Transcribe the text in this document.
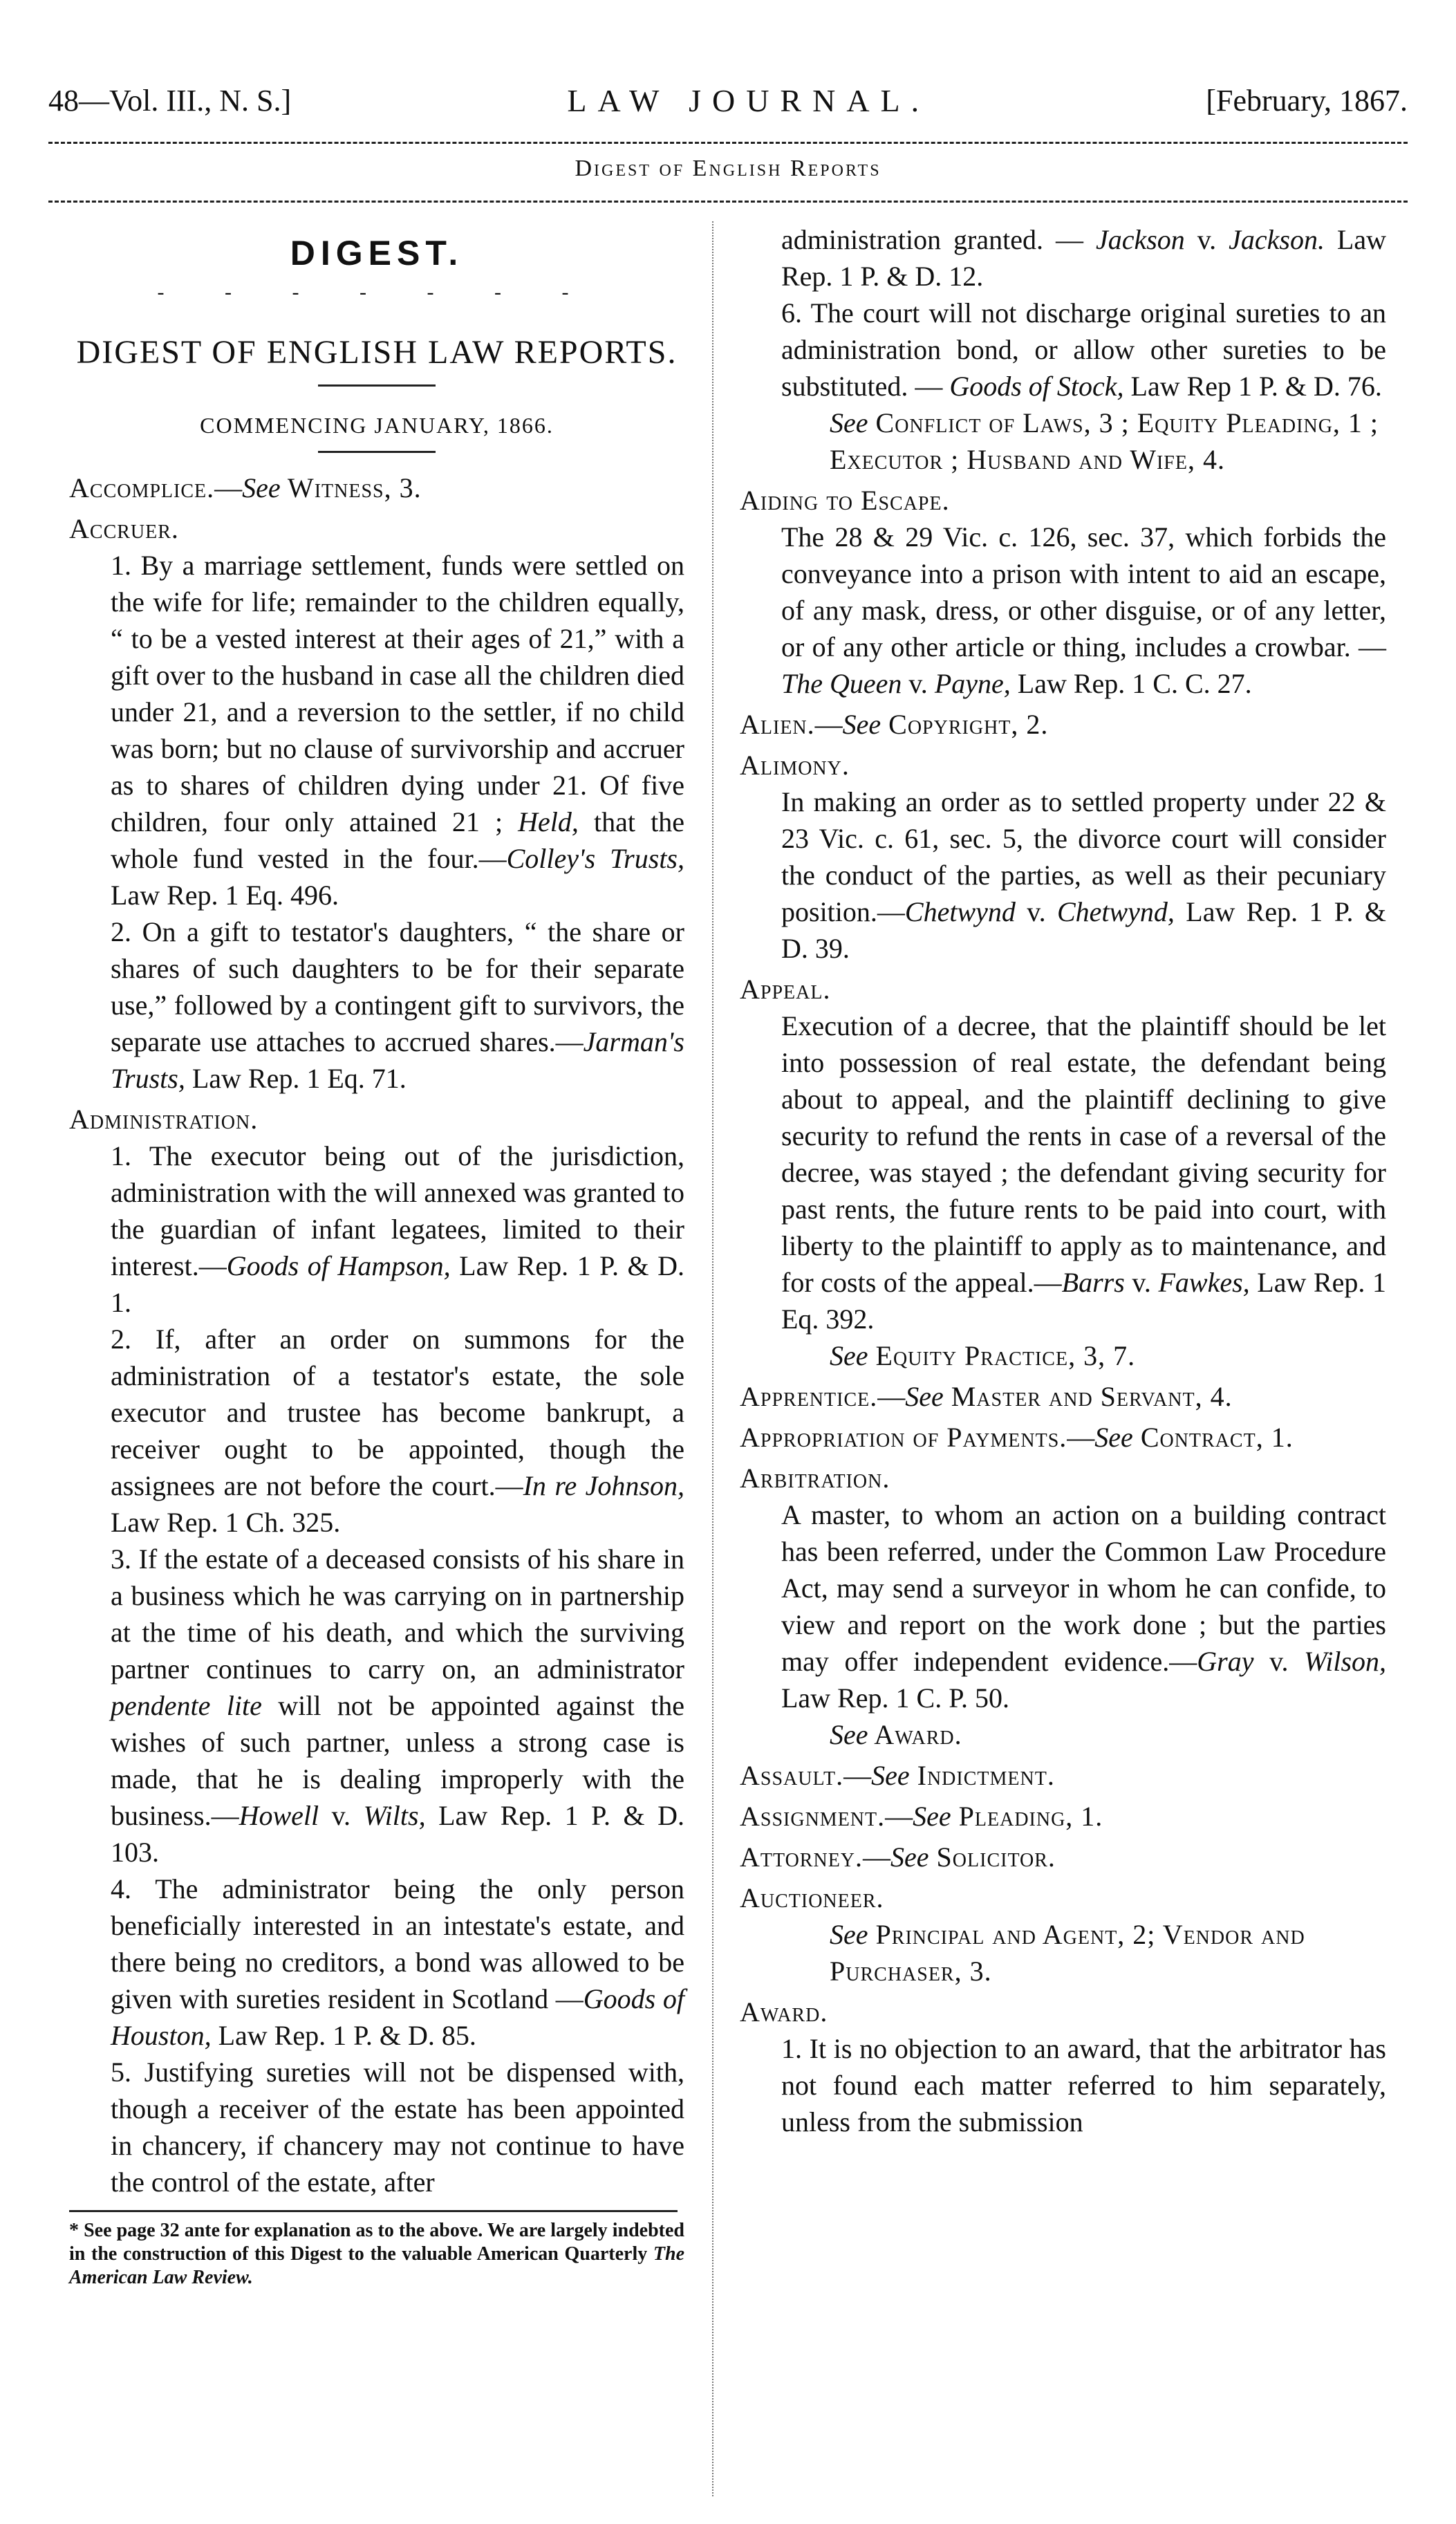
48—Vol. III., N. S.]	LAW JOURNAL.	[February, 1867.
Digest of English Reports
DIGEST.
- - - - - - -
DIGEST OF ENGLISH LAW REPORTS.
COMMENCING JANUARY, 1866.

Accomplice.—See Witness, 3.

Accruer.

1. By a marriage settlement, funds were settled on the wife for life; remainder to the children equally, “ to be a vested interest at their ages of 21,” with a gift over to the husband in case all the children died under 21, and a reversion to the settler, if no child was born; but no clause of survivorship and accruer as to shares of children dying under 21. Of five children, four only attained 21 ; Held, that the whole fund vested in the four.—Colley's Trusts, Law Rep. 1 Eq. 496.

2. On a gift to testator's daughters, “ the share or shares of such daughters to be for their separate use,” followed by a contingent gift to survivors, the separate use attaches to accrued shares.—Jarman's Trusts, Law Rep. 1 Eq. 71.

Administration.

1. The executor being out of the jurisdiction, administration with the will annexed was granted to the guardian of infant legatees, limited to their interest.—Goods of Hampson, Law Rep. 1 P. & D. 1.

2. If, after an order on summons for the administration of a testator's estate, the sole executor and trustee has become bankrupt, a receiver ought to be appointed, though the assignees are not before the court.—In re Johnson, Law Rep. 1 Ch. 325.

3. If the estate of a deceased consists of his share in a business which he was carrying on in partnership at the time of his death, and which the surviving partner continues to carry on, an administrator pendente lite will not be appointed against the wishes of such partner, unless a strong case is made, that he is dealing improperly with the business.—Howell v. Wilts, Law Rep. 1 P. & D. 103.

4. The administrator being the only person beneficially interested in an intestate's estate, and there being no creditors, a bond was allowed to be given with sureties resident in Scotland —Goods of Houston, Law Rep. 1 P. & D. 85.

5. Justifying sureties will not be dispensed with, though a receiver of the estate has been appointed in chancery, if chancery may not continue to have the control of the estate, after

* See page 32 ante for explanation as to the above. We are largely indebted in the construction of this Digest to the valuable American Quarterly The American Law Review.

administration granted. — Jackson v. Jackson. Law Rep. 1 P. & D. 12.

6. The court will not discharge original sureties to an administration bond, or allow other sureties to be substituted. — Goods of Stock, Law Rep 1 P. & D. 76.

See Conflict of Laws, 3 ; Equity Pleading, 1 ; Executor ; Husband and Wife, 4.

Aiding to Escape.

The 28 & 29 Vic. c. 126, sec. 37, which forbids the conveyance into a prison with intent to aid an escape, of any mask, dress, or other disguise, or of any letter, or of any other article or thing, includes a crowbar. — The Queen v. Payne, Law Rep. 1 C. C. 27.

Alien.—See Copyright, 2.

Alimony.

In making an order as to settled property under 22 & 23 Vic. c. 61, sec. 5, the divorce court will consider the conduct of the parties, as well as their pecuniary position.—Chetwynd v. Chetwynd, Law Rep. 1 P. & D. 39.

Appeal.

Execution of a decree, that the plaintiff should be let into possession of real estate, the defendant being about to appeal, and the plaintiff declining to give security to refund the rents in case of a reversal of the decree, was stayed ; the defendant giving security for past rents, the future rents to be paid into court, with liberty to the plaintiff to apply as to maintenance, and for costs of the appeal.—Barrs v. Fawkes, Law Rep. 1 Eq. 392.

See Equity Practice, 3, 7.

Apprentice.—See Master and Servant, 4.

Appropriation of Payments.—See Contract, 1.

Arbitration.

A master, to whom an action on a building contract has been referred, under the Common Law Procedure Act, may send a surveyor in whom he can confide, to view and report on the work done ; but the parties may offer independent evidence.—Gray v. Wilson, Law Rep. 1 C. P. 50.

See Award.

Assault.—See Indictment.

Assignment.—See Pleading, 1.

Attorney.—See Solicitor.

Auctioneer.

See Principal and Agent, 2; Vendor and Purchaser, 3.

Award.

1. It is no objection to an award, that the arbitrator has not found each matter referred to him separately, unless from the submission
